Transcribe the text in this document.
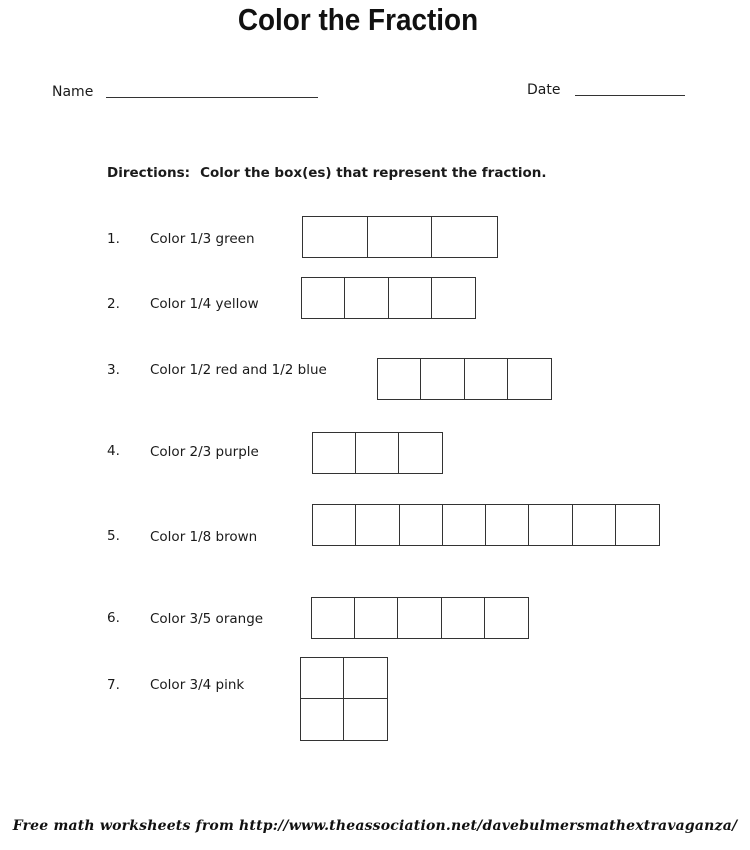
Color the Fraction
Name	Date
Directions: Color the box(es) that represent the fraction.
1. Color 1/3 green
2. Color 1/4 yellow
3. Color 1/2 red and 1/2 blue
4. Color 2/3 purple
5. Color 1/8 brown
6. Color 3/5 orange
7. Color 3/4 pink
Free math worksheets from http://www.theassociation.net/davebulmersmathextravaganza/
